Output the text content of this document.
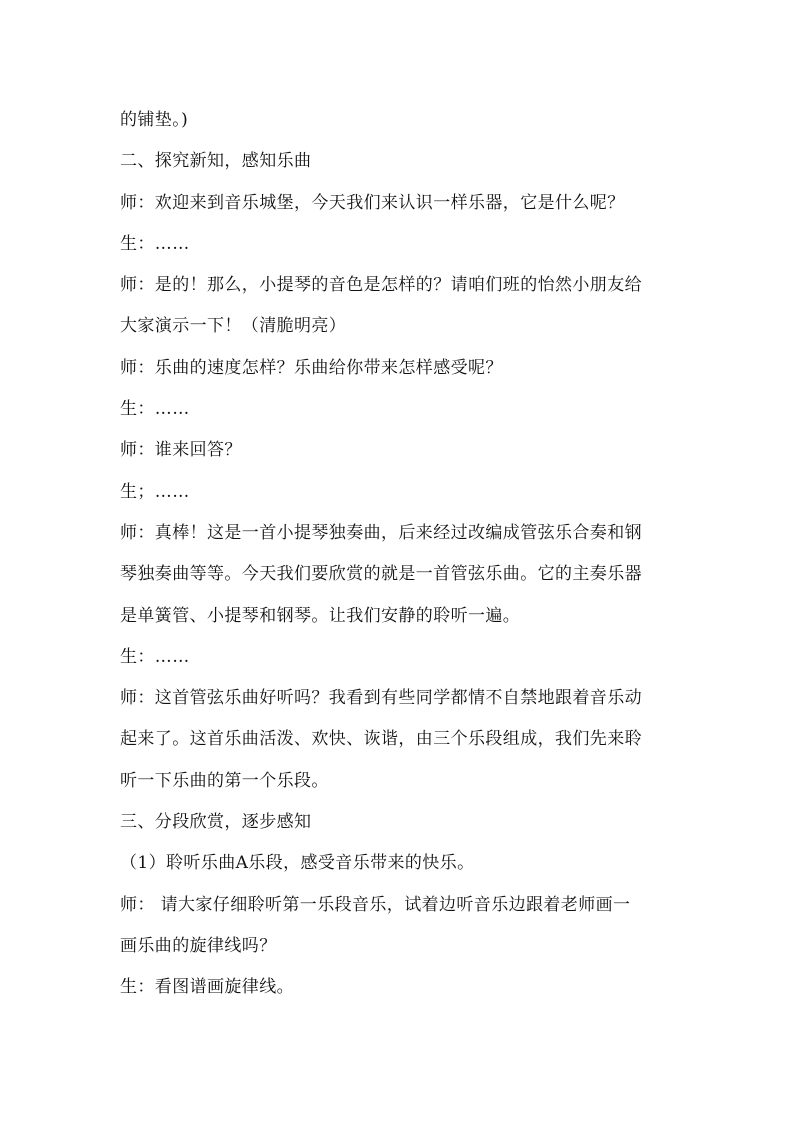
的铺垫。)
二、探究新知，感知乐曲
师：欢迎来到音乐城堡，今天我们来认识一样乐器，它是什么呢？
生：……
师：是的！那么，小提琴的音色是怎样的？请咱们班的怡然小朋友给
大家演示一下！（清脆明亮）
师：乐曲的速度怎样？乐曲给你带来怎样感受呢？
生：……
师：谁来回答？
生；……
师：真棒！这是一首小提琴独奏曲，后来经过改编成管弦乐合奏和钢
琴独奏曲等等。今天我们要欣赏的就是一首管弦乐曲。它的主奏乐器
是单簧管、小提琴和钢琴。让我们安静的聆听一遍。
生：……
师：这首管弦乐曲好听吗？我看到有些同学都情不自禁地跟着音乐动
起来了。这首乐曲活泼、欢快、诙谐，由三个乐段组成，我们先来聆
听一下乐曲的第一个乐段。
三、分段欣赏，逐步感知
（1）聆听乐曲A乐段，感受音乐带来的快乐。
师： 请大家仔细聆听第一乐段音乐，试着边听音乐边跟着老师画一
画乐曲的旋律线吗？
生：看图谱画旋律线。
